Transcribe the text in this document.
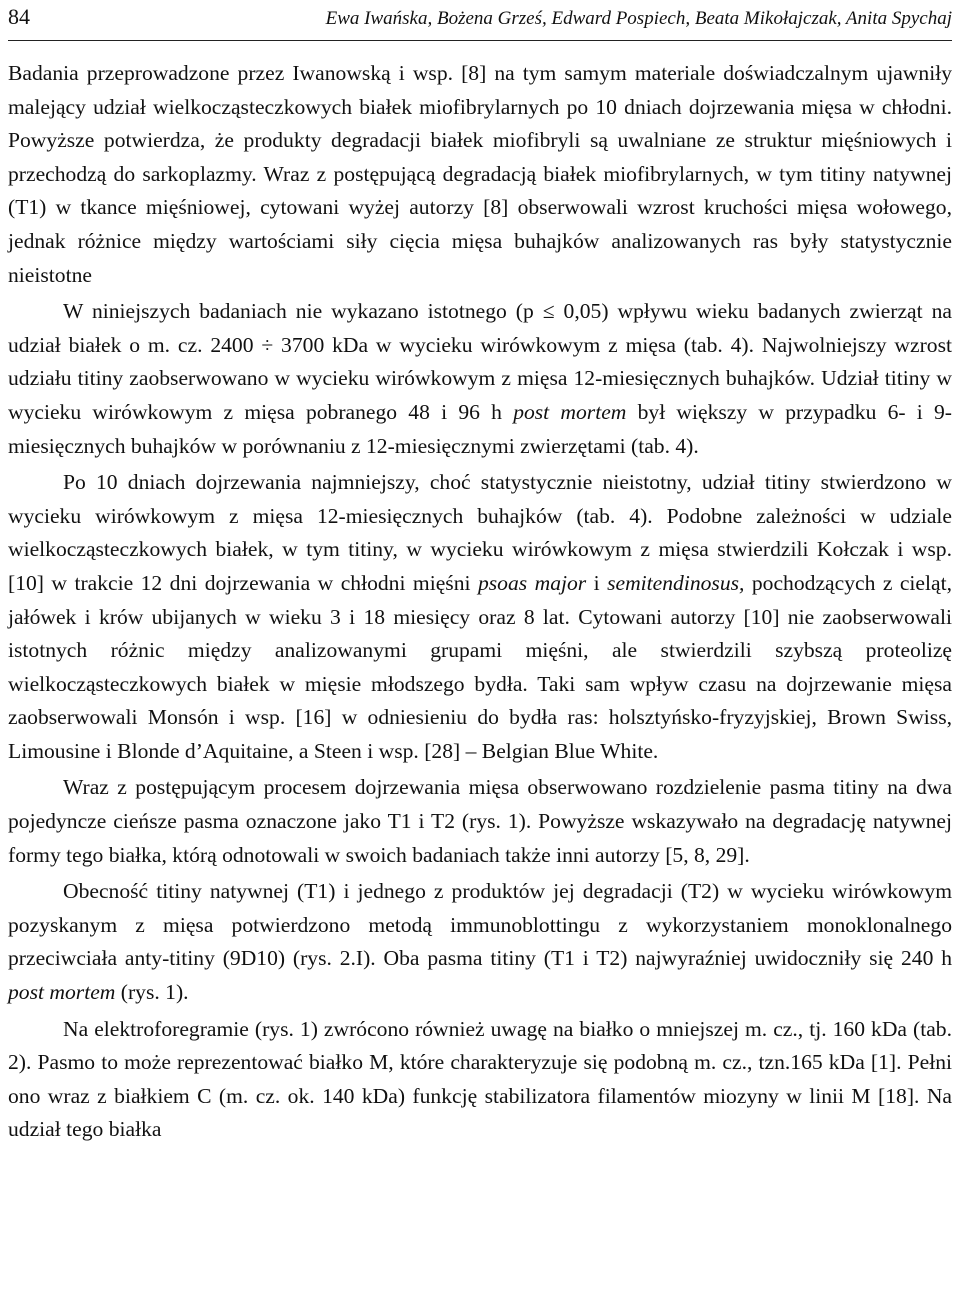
84	Ewa Iwańska, Bożena Grześ, Edward Pospiech, Beata Mikołajczak, Anita Spychaj

Badania przeprowadzone przez Iwanowską i wsp. [8] na tym samym materiale doświadczalnym ujawniły malejący udział wielkocząsteczkowych białek miofibrylarnych po 10 dniach dojrzewania mięsa w chłodni. Powyższe potwierdza, że produkty degradacji białek miofibryli są uwalniane ze struktur mięśniowych i przechodzą do sarkoplazmy. Wraz z postępującą degradacją białek miofibrylarnych, w tym titiny natywnej (T1) w tkance mięśniowej, cytowani wyżej autorzy [8] obserwowali wzrost kruchości mięsa wołowego, jednak różnice między wartościami siły cięcia mięsa buhajków analizowanych ras były statystycznie nieistotne

W niniejszych badaniach nie wykazano istotnego (p ≤ 0,05) wpływu wieku badanych zwierząt na udział białek o m. cz. 2400 ÷ 3700 kDa w wycieku wirówkowym z mięsa (tab. 4). Najwolniejszy wzrost udziału titiny zaobserwowano w wycieku wirówkowym z mięsa 12-miesięcznych buhajków. Udział titiny w wycieku wirówkowym z mięsa pobranego 48 i 96 h post mortem był większy w przypadku 6- i 9-miesięcznych buhajków w porównaniu z 12-miesięcznymi zwierzętami (tab. 4).

Po 10 dniach dojrzewania najmniejszy, choć statystycznie nieistotny, udział titiny stwierdzono w wycieku wirówkowym z mięsa 12-miesięcznych buhajków (tab. 4). Podobne zależności w udziale wielkocząsteczkowych białek, w tym titiny, w wycieku wirówkowym z mięsa stwierdzili Kołczak i wsp. [10] w trakcie 12 dni dojrzewania w chłodni mięśni psoas major i semitendinosus, pochodzących z cieląt, jałówek i krów ubijanych w wieku 3 i 18 miesięcy oraz 8 lat. Cytowani autorzy [10] nie zaobserwowali istotnych różnic między analizowanymi grupami mięśni, ale stwierdzili szybszą proteolizę wielkocząsteczkowych białek w mięsie młodszego bydła. Taki sam wpływ czasu na dojrzewanie mięsa zaobserwowali Monsón i wsp. [16] w odniesieniu do bydła ras: holsztyńsko-fryzyjskiej, Brown Swiss, Limousine i Blonde d’Aquitaine, a Steen i wsp. [28] – Belgian Blue White.

Wraz z postępującym procesem dojrzewania mięsa obserwowano rozdzielenie pasma titiny na dwa pojedyncze cieńsze pasma oznaczone jako T1 i T2 (rys. 1). Powyższe wskazywało na degradację natywnej formy tego białka, którą odnotowali w swoich badaniach także inni autorzy [5, 8, 29].

Obecność titiny natywnej (T1) i jednego z produktów jej degradacji (T2) w wycieku wirówkowym pozyskanym z mięsa potwierdzono metodą immunoblottingu z wykorzystaniem monoklonalnego przeciwciała anty-titiny (9D10) (rys. 2.I). Oba pasma titiny (T1 i T2) najwyraźniej uwidoczniły się 240 h post mortem (rys. 1).

Na elektroforegramie (rys. 1) zwrócono również uwagę na białko o mniejszej m. cz., tj. 160 kDa (tab. 2). Pasmo to może reprezentować białko M, które charakteryzuje się podobną m. cz., tzn.165 kDa [1]. Pełni ono wraz z białkiem C (m. cz. ok. 140 kDa) funkcję stabilizatora filamentów miozyny w linii M [18]. Na udział tego białka
